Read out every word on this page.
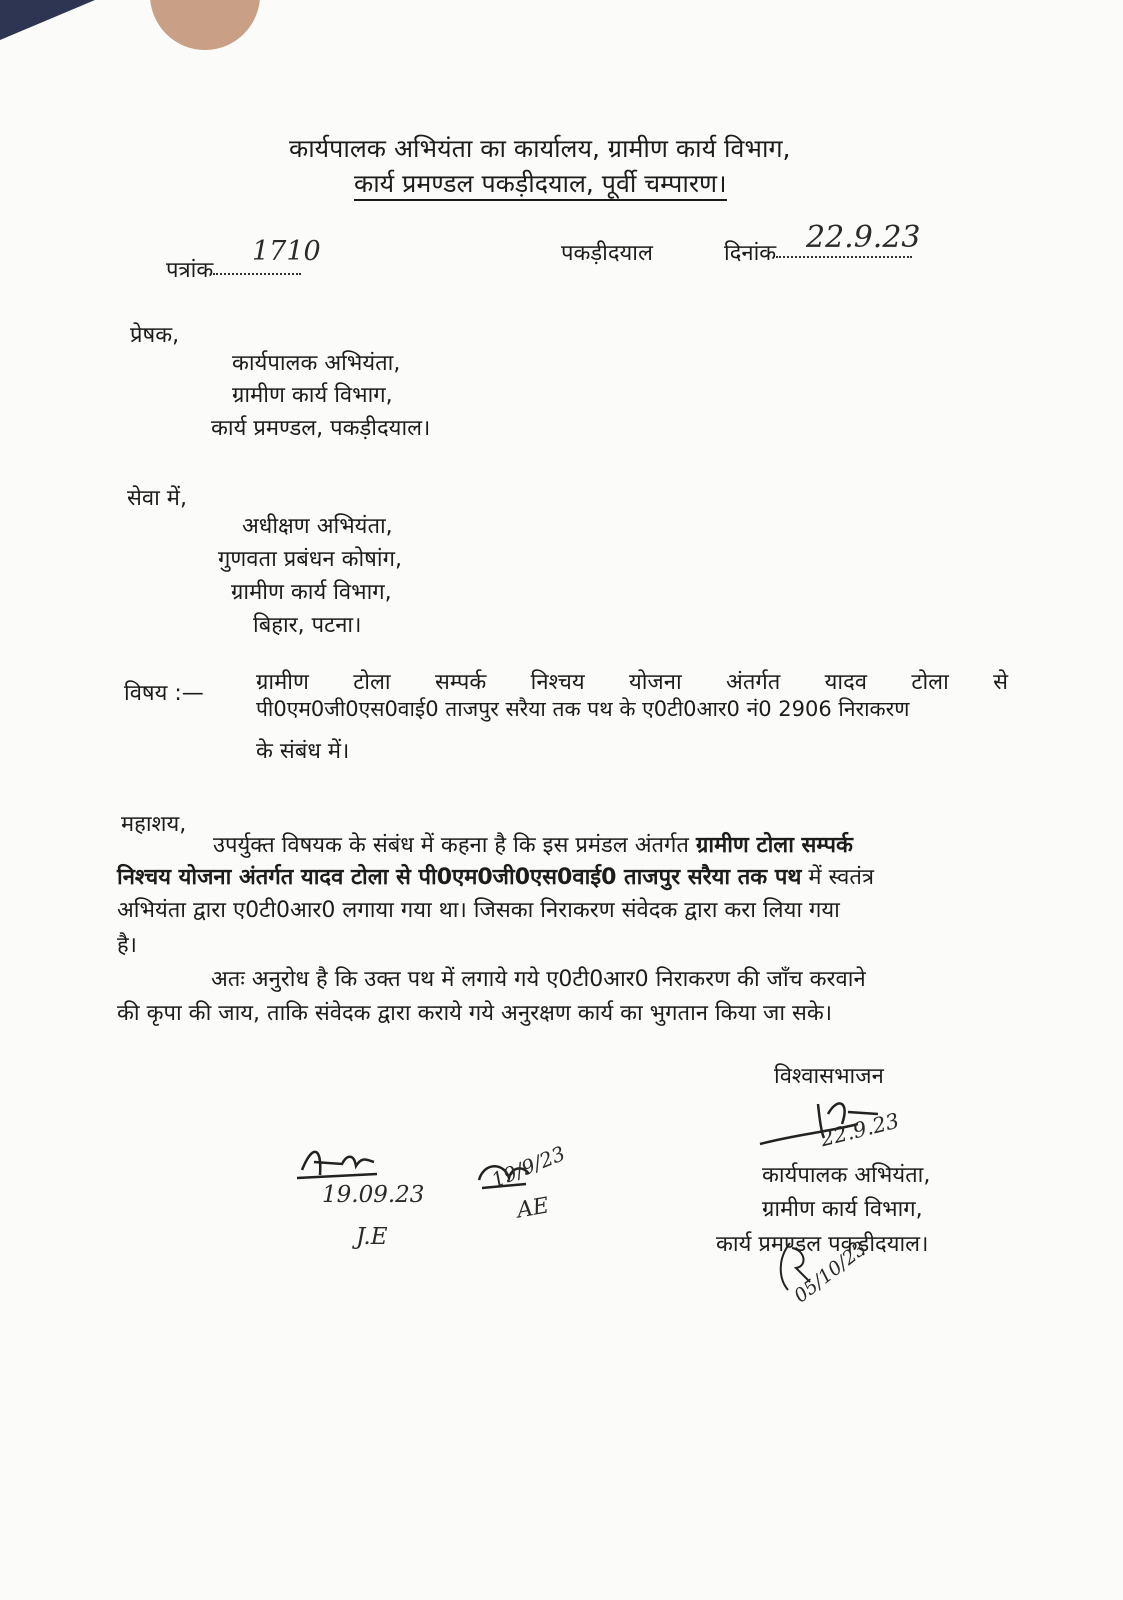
कार्यपालक अभियंता का कार्यालय, ग्रामीण कार्य विभाग,
कार्य प्रमण्डल पकड़ीदयाल, पूर्वी चम्पारण।
पत्रांक
1710	पकड़ीदयाल	दिनांक 22.9.23
प्रेषक,
कार्यपालक अभियंता,
ग्रामीण कार्य विभाग,
कार्य प्रमण्डल, पकड़ीदयाल।
सेवा में,
अधीक्षण अभियंता,
गुणवता प्रबंधन कोषांग,
ग्रामीण कार्य विभाग,
बिहार, पटना।
विषय :— ग्रामीण टोला सम्पर्क निश्चय योजना अंतर्गत यादव टोला से
पी0एम0जी0एस0वाई0 ताजपुर सरैया तक पथ के ए0टी0आर0 नं0 2906 निराकरण
के संबंध में।
महाशय,
उपर्युक्त विषयक के संबंध में कहना है कि इस प्रमंडल अंतर्गत ग्रामीण टोला सम्पर्क
निश्चय योजना अंतर्गत यादव टोला से पी0एम0जी0एस0वाई0 ताजपुर सरैया तक पथ में स्वतंत्र
अभियंता द्वारा ए0टी0आर0 लगाया गया था। जिसका निराकरण संवेदक द्वारा करा लिया गया
है।
अतः अनुरोध है कि उक्त पथ में लगाये गये ए0टी0आर0 निराकरण की जाँच करवाने
की कृपा की जाय, ताकि संवेदक द्वारा कराये गये अनुरक्षण कार्य का भुगतान किया जा सके।
विश्वासभाजन
कार्यपालक अभियंता,
ग्रामीण कार्य विभाग,
कार्य प्रमण्डल पकड़ीदयाल।
19.09.23
J.E
19/9/23
AE
22.9.23
05/10/23
